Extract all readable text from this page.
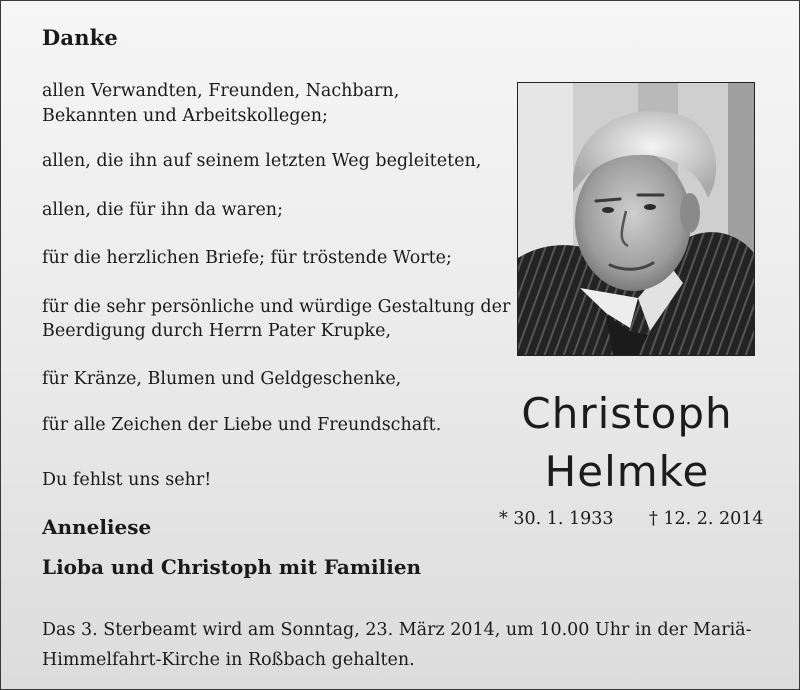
Danke
allen Verwandten, Freunden, Nachbarn,
Bekannten und Arbeitskollegen;
allen, die ihn auf seinem letzten Weg begleiteten,
allen, die für ihn da waren;
für die herzlichen Briefe; für tröstende Worte;
für die sehr persönliche und würdige Gestaltung der
Beerdigung durch Herrn Pater Krupke,
für Kränze, Blumen und Geldgeschenke,
für alle Zeichen der Liebe und Freundschaft.
Du fehlst uns sehr!
Anneliese
Lioba und Christoph mit Familien
Christoph
Helmke
* 30. 1. 1933 † 12. 2. 2014
Das 3. Sterbeamt wird am Sonntag, 23. März 2014, um 10.00 Uhr in der Mariä-
Himmelfahrt-Kirche in Roßbach gehalten.
